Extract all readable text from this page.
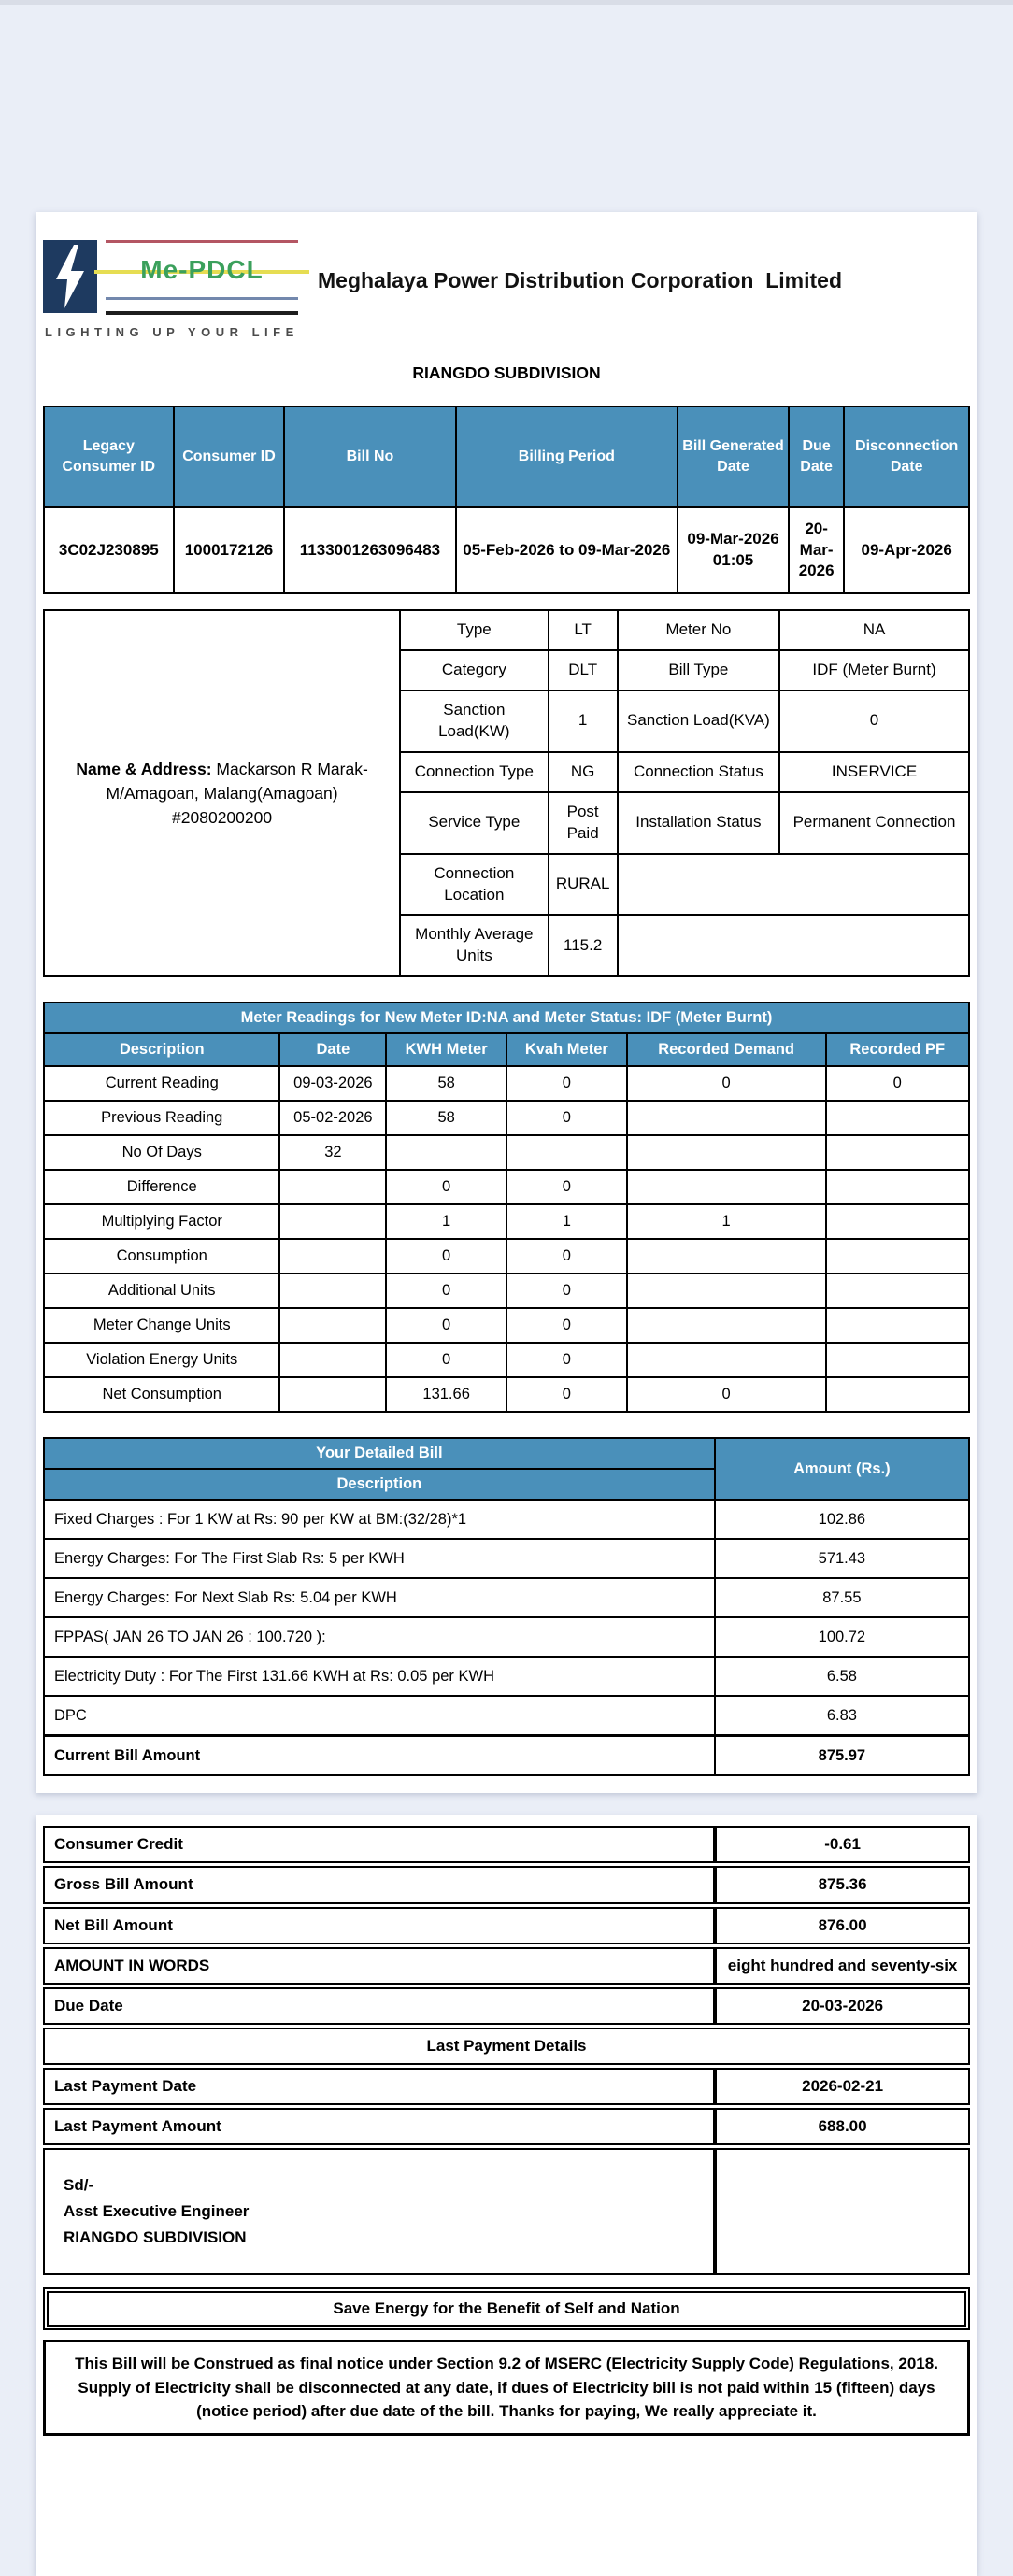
Me-PDCL
LIGHTING UP YOUR LIFE
Meghalaya Power Distribution Corporation  Limited
RIANGDO SUBDIVISION
Legacy Consumer ID	Consumer ID	Bill No	Billing Period	Bill Generated Date	Due Date	Disconnection Date
3C02J230895	1000172126	1133001263096483	05-Feb-2026 to 09-Mar-2026	09-Mar-2026 01:05	20-Mar-2026	09-Apr-2026
Name & Address: Mackarson R Marak-M/Amagoan, Malang(Amagoan) #2080200200	Type	LT	Meter No	NA
	Category	DLT	Bill Type	IDF (Meter Burnt)
	Sanction Load(KW)	1	Sanction Load(KVA)	0
	Connection Type	NG	Connection Status	INSERVICE
	Service Type	Post Paid	Installation Status	Permanent Connection
	Connection Location	RURAL		
	Monthly Average Units	115.2		
Meter Readings for New Meter ID:NA and Meter Status: IDF (Meter Burnt)					
Description	Date	KWH Meter	Kvah Meter	Recorded Demand	Recorded PF
Current Reading	09-03-2026	58	0	0	0
Previous Reading	05-02-2026	58	0		
No Of Days	32				
Difference		0	0		
Multiplying Factor		1	1	1	
Consumption		0	0		
Additional Units		0	0		
Meter Change Units		0	0		
Violation Energy Units		0	0		
Net Consumption		131.66	0	0	
Your Detailed Bill	Amount (Rs.)
Description	
Fixed Charges : For 1 KW at Rs: 90 per KW at BM:(32/28)*1	102.86
Energy Charges: For The First Slab Rs: 5 per KWH	571.43
Energy Charges: For Next Slab Rs: 5.04 per KWH	87.55
FPPAS( JAN 26 TO JAN 26 : 100.720 ):	100.72
Electricity Duty : For The First 131.66 KWH at Rs: 0.05 per KWH	6.58
DPC	6.83
Current Bill Amount	875.97
Consumer Credit	-0.61
Gross Bill Amount	875.36
Net Bill Amount	876.00
AMOUNT IN WORDS	eight hundred and seventy-six
Due Date	20-03-2026
Last Payment Details	
Last Payment Date	2026-02-21
Last Payment Amount	688.00

Sd/-
Asst Executive Engineer
RIANGDO SUBDIVISION	

Save Energy for the Benefit of Self and Nation
This Bill will be Construed as final notice under Section 9.2 of MSERC (Electricity Supply Code) Regulations, 2018. Supply of Electricity shall be disconnected at any date, if dues of Electricity bill is not paid within 15 (fifteen) days (notice period) after due date of the bill. Thanks for paying, We really appreciate it.
